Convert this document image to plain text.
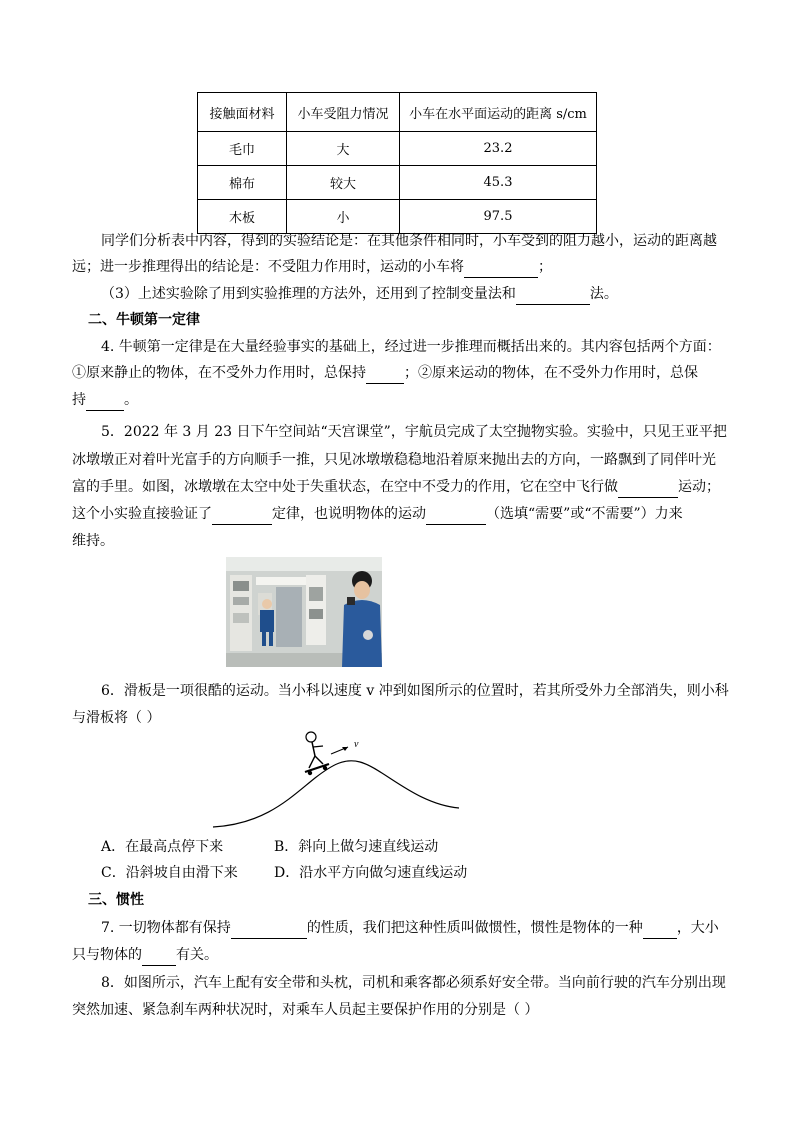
接触面材料	小车受阻力情况	小车在水平面运动的距离 s/cm
毛巾	大	23.2
棉布	较大	45.3
木板	小	97.5
同学们分析表中内容，得到的实验结论是：在其他条件相同时，小车受到的阻力越小，运动的距离越
远；进一步推理得出的结论是：不受阻力作用时，运动的小车将	；
（3）上述实验除了用到实验推理的方法外，还用到了控制变量法和	法。
二、牛顿第一定律
4. 牛顿第一定律是在大量经验事实的基础上，经过进一步推理而概括出来的。其内容包括两个方面：
①原来静止的物体，在不受外力作用时，总保持	；②原来运动的物体，在不受外力作用时，总保
持	。
5．2022 年 3 月 23 日下午空间站“天宫课堂”，宇航员完成了太空抛物实验。实验中，只见王亚平把
冰墩墩正对着叶光富手的方向顺手一推，只见冰墩墩稳稳地沿着原来抛出去的方向，一路飘到了同伴叶光
富的手里。如图，冰墩墩在太空中处于失重状态，在空中不受力的作用，它在空中飞行做	运动；
这个小实验直接验证了	定律，也说明物体的运动	（选填“需要”或“不需要”）力来
维持。
6．滑板是一项很酷的运动。当小科以速度 v 冲到如图所示的位置时，若其所受外力全部消失，则小科
与滑板将（ ）
v
A．在最高点停下来	B．斜向上做匀速直线运动
C．沿斜坡自由滑下来	D．沿水平方向做匀速直线运动
三、惯性
7. 一切物体都有保持	的性质，我们把这种性质叫做惯性，惯性是物体的一种 ，大小
只与物体的 有关。
8．如图所示，汽车上配有安全带和头枕，司机和乘客都必须系好安全带。当向前行驶的汽车分别出现
突然加速、紧急刹车两种状况时，对乘车人员起主要保护作用的分别是（ ）
